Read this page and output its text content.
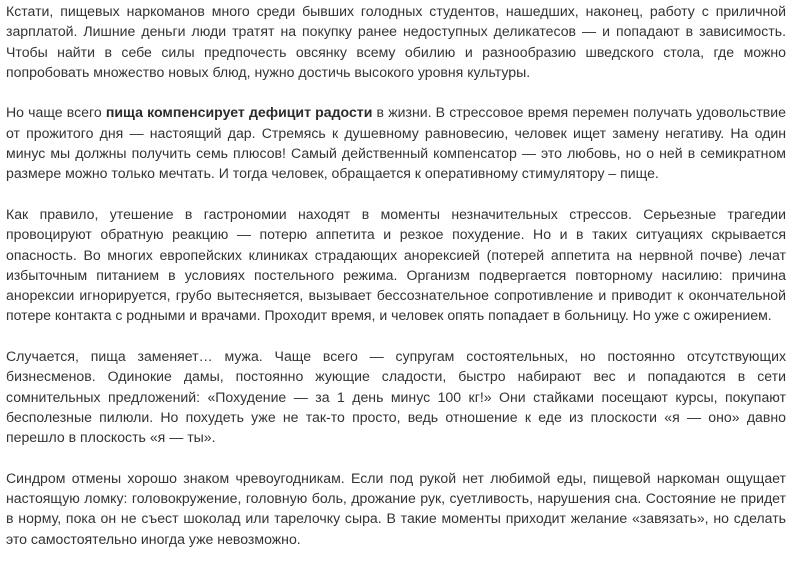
Кстати, пищевых наркоманов много среди бывших голодных студентов, нашедших, наконец, работу с приличной зарплатой. Лишние деньги люди тратят на покупку ранее недоступных деликатесов — и попадают в зависимость. Чтобы найти в себе силы предпочесть овсянку всему обилию и разнообразию шведского стола, где можно попробовать множество новых блюд, нужно достичь высокого уровня культуры.

Но чаще всего пища компенсирует дефицит радости в жизни. В стрессовое время перемен получать удовольствие от прожитого дня — настоящий дар. Стремясь к душевному равновесию, человек ищет замену негативу. На один минус мы должны получить семь плюсов! Самый действенный компенсатор — это любовь, но о ней в семикратном размере можно только мечтать. И тогда человек, обращается к оперативному стимулятору – пище.

Как правило, утешение в гастрономии находят в моменты незначительных стрессов. Серьезные трагедии провоцируют обратную реакцию — потерю аппетита и резкое похудение. Но и в таких ситуациях скрывается опасность. Во многих европейских клиниках страдающих анорексией (потерей аппетита на нервной почве) лечат избыточным питанием в условиях постельного режима. Организм подвергается повторному насилию: причина анорексии игнорируется, грубо вытесняется, вызывает бессознательное сопротивление и приводит к окончательной потере контакта с родными и врачами. Проходит время, и человек опять попадает в больницу. Но уже с ожирением.

Случается, пища заменяет… мужа. Чаще всего — супругам состоятельных, но постоянно отсутствующих бизнесменов. Одинокие дамы, постоянно жующие сладости, быстро набирают вес и попадаются в сети сомнительных предложений: «Похудение — за 1 день минус 100 кг!» Они стайками посещают курсы, покупают бесполезные пилюли. Но похудеть уже не так-то просто, ведь отношение к еде из плоскости «я — оно» давно перешло в плоскость «я — ты».

Синдром отмены хорошо знаком чревоугодникам. Если под рукой нет любимой еды, пищевой наркоман ощущает настоящую ломку: головокружение, головную боль, дрожание рук, суетливость, нарушения сна. Состояние не придет в норму, пока он не съест шоколад или тарелочку сыра. В такие моменты приходит желание «завязать», но сделать это самостоятельно иногда уже невозможно.
